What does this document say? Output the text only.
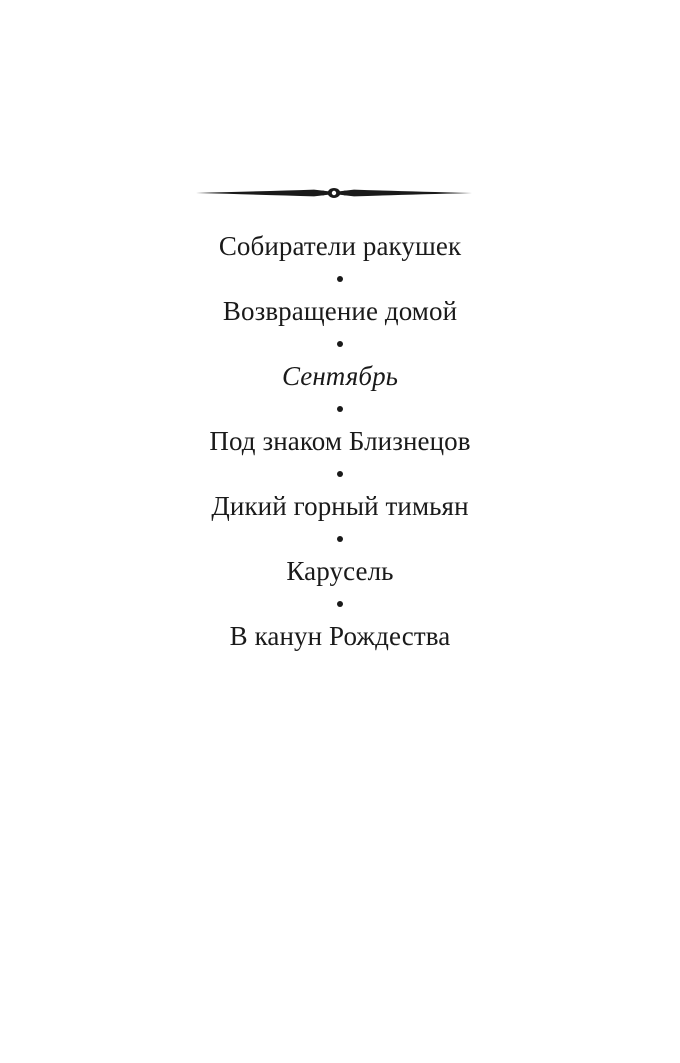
Собиратели ракушек
Возвращение домой
Сентябрь
Под знаком Близнецов
Дикий горный тимьян
Карусель
В канун Рождества
